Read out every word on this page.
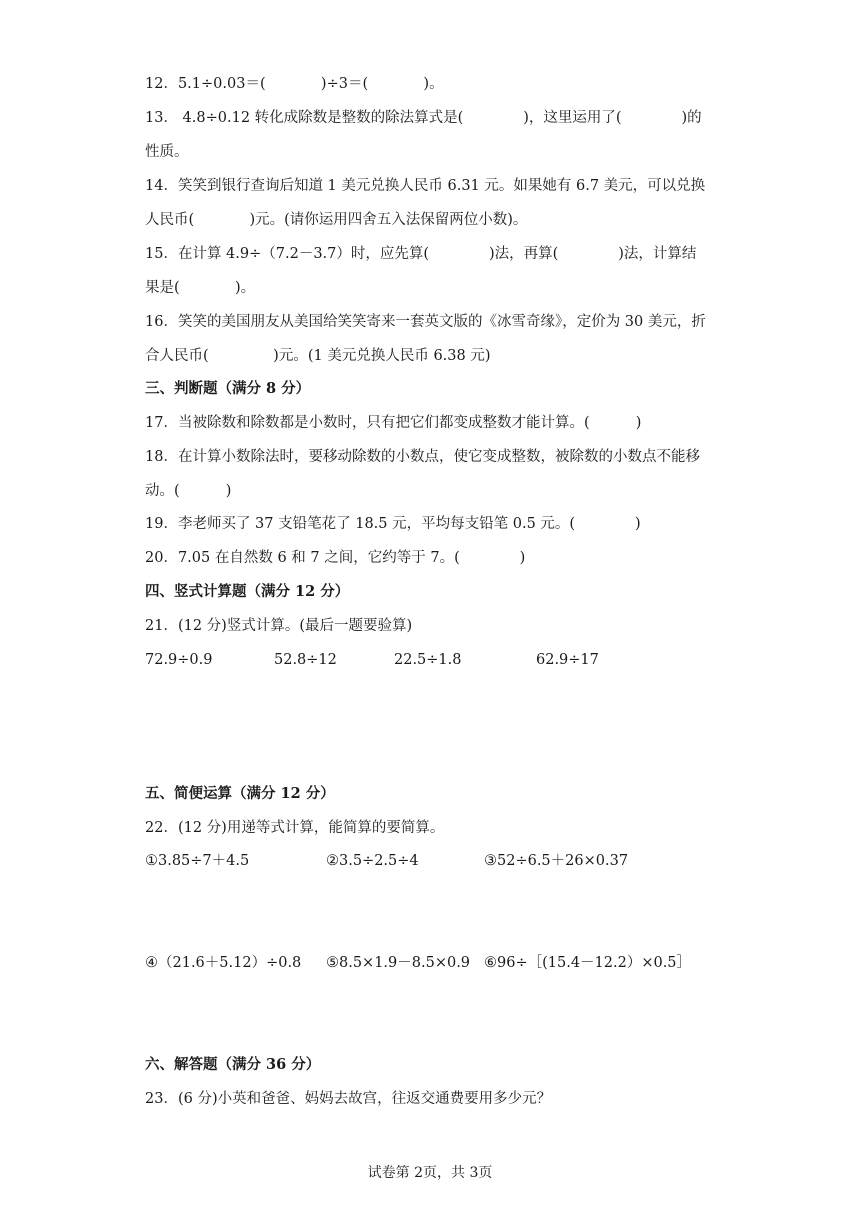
12．5.1÷0.03＝(            )÷3＝(            )。
13． 4.8÷0.12 转化成除数是整数的除法算式是(             )，这里运用了(             )的
性质。
14．笑笑到银行查询后知道 1 美元兑换人民币 6.31 元。如果她有 6.7 美元，可以兑换
人民币(            )元。(请你运用四舍五入法保留两位小数)。
15．在计算 4.9÷（7.2－3.7）时，应先算(             )法，再算(             )法，计算结
果是(            )。
16．笑笑的美国朋友从美国给笑笑寄来一套英文版的《冰雪奇缘》，定价为 30 美元，折
合人民币(              )元。(1 美元兑换人民币 6.38 元)
三、判断题（满分 8 分）
17．当被除数和除数都是小数时，只有把它们都变成整数才能计算。(          )
18．在计算小数除法时，要移动除数的小数点，使它变成整数，被除数的小数点不能移
动。(          )
19．李老师买了 37 支铅笔花了 18.5 元，平均每支铅笔 0.5 元。(             )
20．7.05 在自然数 6 和 7 之间，它约等于 7。(             )
四、竖式计算题（满分 12 分）
21．(12 分)竖式计算。(最后一题要验算)
72.9÷0.9	52.8÷12	22.5÷1.8	62.9÷17
五、简便运算（满分 12 分）
22．(12 分)用递等式计算，能简算的要简算。
①3.85÷7＋4.5	②3.5÷2.5÷4	③52÷6.5＋26×0.37
④（21.6＋5.12）÷0.8 ⑤8.5×1.9－8.5×0.9 ⑥96÷［(15.4－12.2）×0.5］
六、解答题（满分 36 分）
23．(6 分)小英和爸爸、妈妈去故宫，往返交通费要用多少元？
试卷第 2页，共 3页
